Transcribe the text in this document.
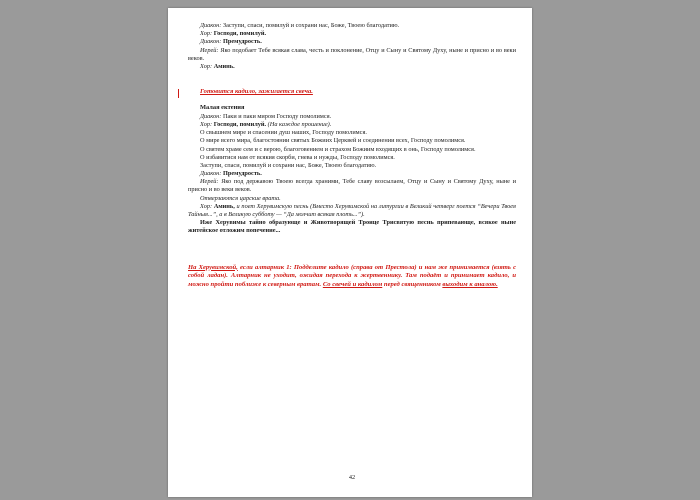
Диакон: Заступи, спаси, помилуй и сохрани нас, Боже, Твоею благодатию.

Хор: Господи, помилуй.

Диакон: Премудрость.

Иерей: Яко подобает Тебе всякая слава, честь и поклонение, Отцу и Сыну и Святому Духу, ныне и присно и во веки веков.

Хор: Аминь.

Готовится кадило, зажигается свеча.

Малая ектения

Диакон: Паки и паки миром Господу помолимся.

Хор: Господи, помилуй. (На каждое прошение).

О свышнем мире и спасении душ наших, Господу помолимся.

О мире всего мира, благостоянии святых Божиих Церквей и соединении всех, Господу помолимся.

О святем храме сем и с верою, благоговением и страхом Божиим входящих в онь, Господу помолимся.

О избавитися нам от всякия скорби, гнева и нужды, Господу помолимся.

Заступи, спаси, помилуй и сохрани нас, Боже, Твоею благодатию.

Диакон: Премудрость.

Иерей: Яко под державою Твоею всегда храними, Тебе славу возсылаем, Отцу и Сыну и Святому Духу, ныне и присно и во веки веков.

Отверзаются царские врата.

Хор: Аминь, и поет Херувимскую песнь (Вместо Херувимской на литургии в Великий четверг поется “Вечери Твоея Тайныя...”, а в Великую субботу — “Да молчит всякая плоть...”).

Иже Херувимы тайно образующе и Животворящей Троице Трисвятую песнь припевающе, всякое ныне житейское отложим попечение...

На Херувимской, если алтарник 1: Подделите кадило (справа от Престола) и нам же принимается (взять с собой ладан). Алтарник не уходит, ожидая перехода к жертвеннику. Там подаёт и принимает кадило, и можно пройти поближе к северным вратам. Со свечей и кадилом перед священником выходим к аналою.

42
